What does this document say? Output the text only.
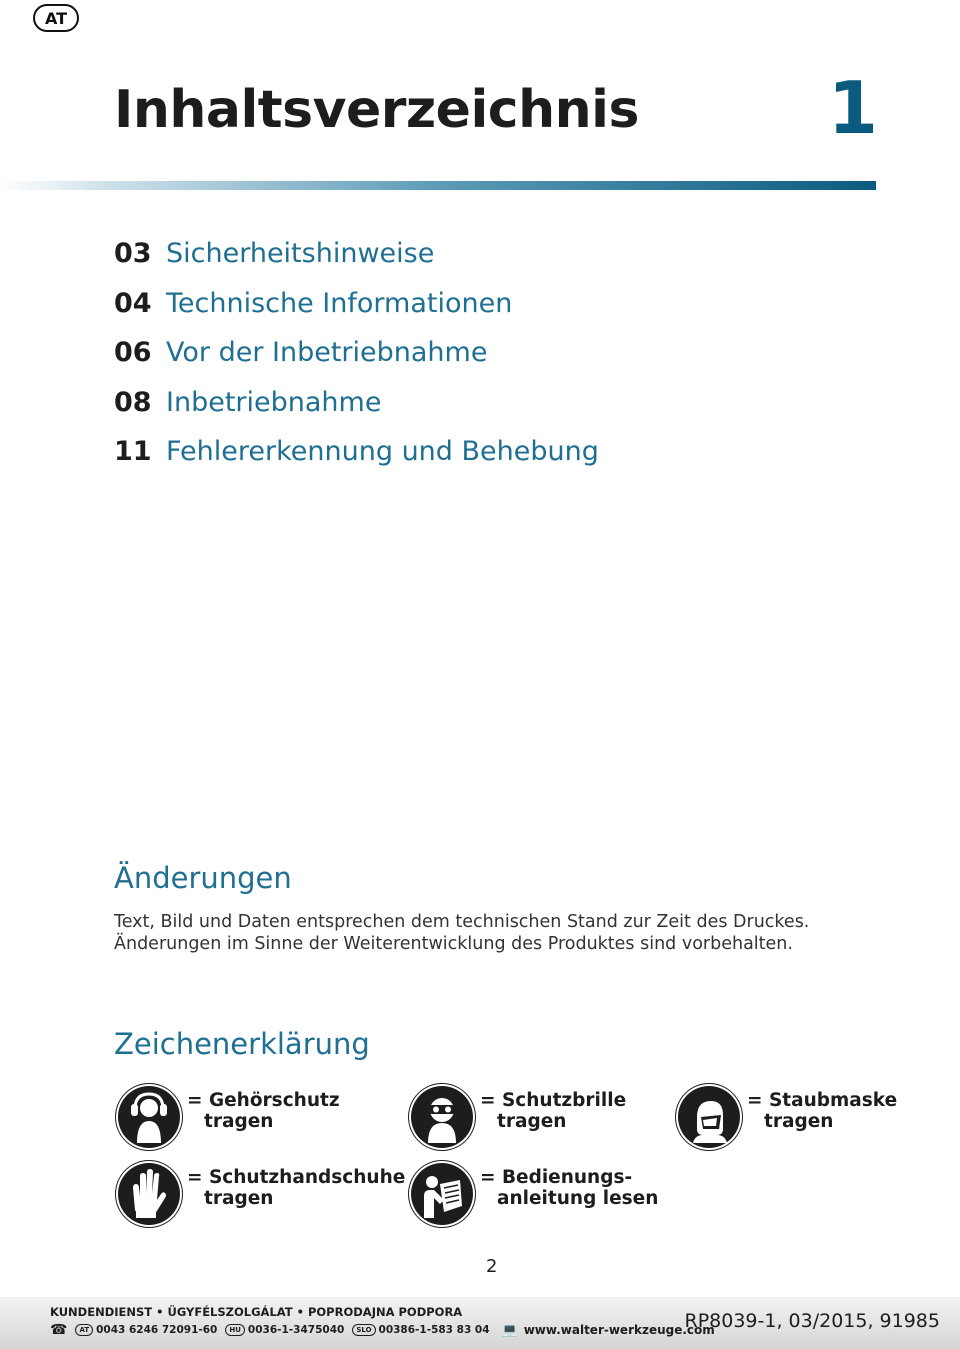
AT
Inhaltsverzeichnis	1
03 Sicherheitshinweise
04 Technische Informationen
06 Vor der Inbetriebnahme
08 Inbetriebnahme
11 Fehlererkennung und Behebung
Änderungen

Text, Bild und Daten entsprechen dem technischen Stand zur Zeit des Druckes.
Änderungen im Sinne der Weiterentwicklung des Produktes sind vorbehalten.

Zeichenerklärung
= Gehörschutz
tragen
= Schutzbrille
tragen
= Staubmaske
tragen
= Schutzhandschuhe
tragen
= Bedienungs-
anleitung lesen
2
KUNDENDIENST • ÜGYFÉLSZOLGÁLAT • POPRODAJNA PODPORA
☎	AT 0043 6246 72091-60	HU 0036-1-3475040	SLO 00386-1-583 83 04 💻 www.walter-werkzeuge.com
RP8039-1, 03/2015, 91985
